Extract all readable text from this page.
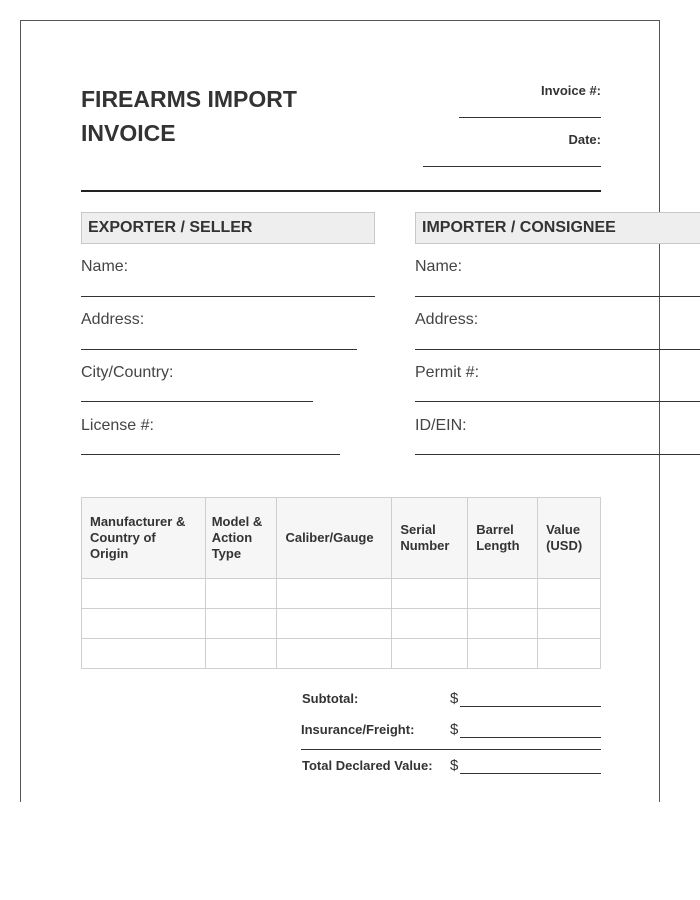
FIREARMS IMPORT INVOICE
Invoice #:
Date:
EXPORTER / SELLER
Name:
Address:
City/Country:
License #:
IMPORTER / CONSIGNEE
Name:
Address:
Permit #:
ID/EIN:
Manufacturer & Country of Origin	Model & Action Type	Caliber/Gauge	Serial Number	Barrel Length	Value (USD)

Subtotal:	$
Insurance/Freight: $
Total Declared Value: $
